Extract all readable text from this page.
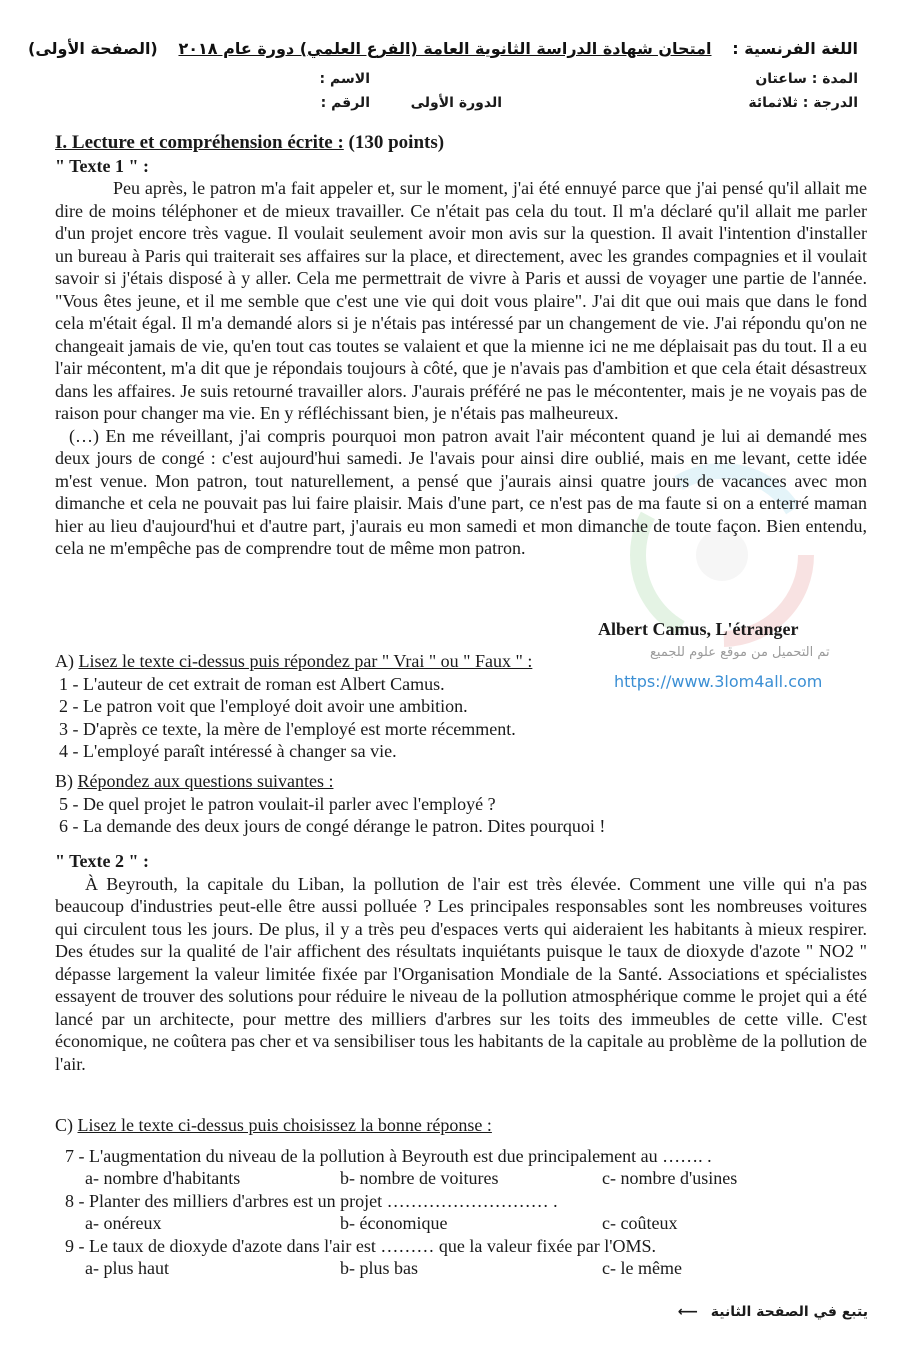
اللغة الفرنسية :
امتحان شهادة الدراسة الثانوية العامة (الفرع العلمي) دورة عام ٢٠١٨
(الصفحة الأولى)
المدة : ساعتان
الاسم :
الدرجة : ثلاثمائة
الدورة الأولى
الرقم :
I. Lecture et compréhension écrite : (130 points)
" Texte 1 " :

Peu après, le patron m'a fait appeler et, sur le moment, j'ai été ennuyé parce que j'ai pensé qu'il allait me dire de moins téléphoner et de mieux travailler. Ce n'était pas cela du tout. Il m'a déclaré qu'il allait me parler d'un projet encore très vague. Il voulait seulement avoir mon avis sur la question. Il avait l'intention d'installer un bureau à Paris qui traiterait ses affaires sur la place, et directement, avec les grandes compagnies et il voulait savoir si j'étais disposé à y aller. Cela me permettrait de vivre à Paris et aussi de voyager une partie de l'année. "Vous êtes jeune, et il me semble que c'est une vie qui doit vous plaire". J'ai dit que oui mais que dans le fond cela m'était égal. Il m'a demandé alors si je n'étais pas intéressé par un changement de vie. J'ai répondu qu'on ne changeait jamais de vie, qu'en tout cas toutes se valaient et que la mienne ici ne me déplaisait pas du tout. Il a eu l'air mécontent, m'a dit que je répondais toujours à côté, que je n'avais pas d'ambition et que cela était désastreux dans les affaires. Je suis retourné travailler alors. J'aurais préféré ne pas le mécontenter, mais je ne voyais pas de raison pour changer ma vie. En y réfléchissant bien, je n'étais pas malheureux.

(…) En me réveillant, j'ai compris pourquoi mon patron avait l'air mécontent quand je lui ai demandé mes deux jours de congé : c'est aujourd'hui samedi. Je l'avais pour ainsi dire oublié, mais en me levant, cette idée m'est venue. Mon patron, tout naturellement, a pensé que j'aurais ainsi quatre jours de vacances avec mon dimanche et cela ne pouvait pas lui faire plaisir. Mais d'une part, ce n'est pas de ma faute si on a enterré maman hier au lieu d'aujourd'hui et d'autre part, j'aurais eu mon samedi et mon dimanche de toute façon. Bien entendu, cela ne m'empêche pas de comprendre tout de même mon patron.

Albert Camus, L'étranger
تم التحميل من موقع علوم للجميع
https://www.3lom4all.com
A) Lisez le texte ci-dessus puis répondez par " Vrai " ou " Faux " :

1 - L'auteur de cet extrait de roman est Albert Camus.

2 - Le patron voit que l'employé doit avoir une ambition.

3 - D'après ce texte, la mère de l'employé est morte récemment.

4 - L'employé paraît intéressé à changer sa vie.

B) Répondez aux questions suivantes :

5 - De quel projet le patron voulait-il parler avec l'employé ?

6 - La demande des deux jours de congé dérange le patron. Dites pourquoi !

" Texte 2 " :

À Beyrouth, la capitale du Liban, la pollution de l'air est très élevée. Comment une ville qui n'a pas beaucoup d'industries peut-elle être aussi polluée ? Les principales responsables sont les nombreuses voitures qui circulent tous les jours. De plus, il y a très peu d'espaces verts qui aideraient les habitants à mieux respirer. Des études sur la qualité de l'air affichent des résultats inquiétants puisque le taux de dioxyde d'azote " NO2 " dépasse largement la valeur limitée fixée par l'Organisation Mondiale de la Santé. Associations et spécialistes essayent de trouver des solutions pour réduire le niveau de la pollution atmosphérique comme le projet qui a été lancé par un architecte, pour mettre des milliers d'arbres sur les toits des immeubles de cette ville. C'est économique, ne coûtera pas cher et va sensibiliser tous les habitants de la capitale au problème de la pollution de l'air.

C) Lisez le texte ci-dessus puis choisissez la bonne réponse :

7 - L'augmentation du niveau de la pollution à Beyrouth est due principalement au ……. .

a- nombre d'habitants	b- nombre de voitures	c- nombre d'usines

8 - Planter des milliers d'arbres est un projet ……………………… .

a- onéreux	b- économique	c- coûteux

9 - Le taux de dioxyde d'azote dans l'air est ……… que la valeur fixée par l'OMS.

a- plus haut	b- plus bas	c- le même
يتبع في الصفحة الثانية ⟵
